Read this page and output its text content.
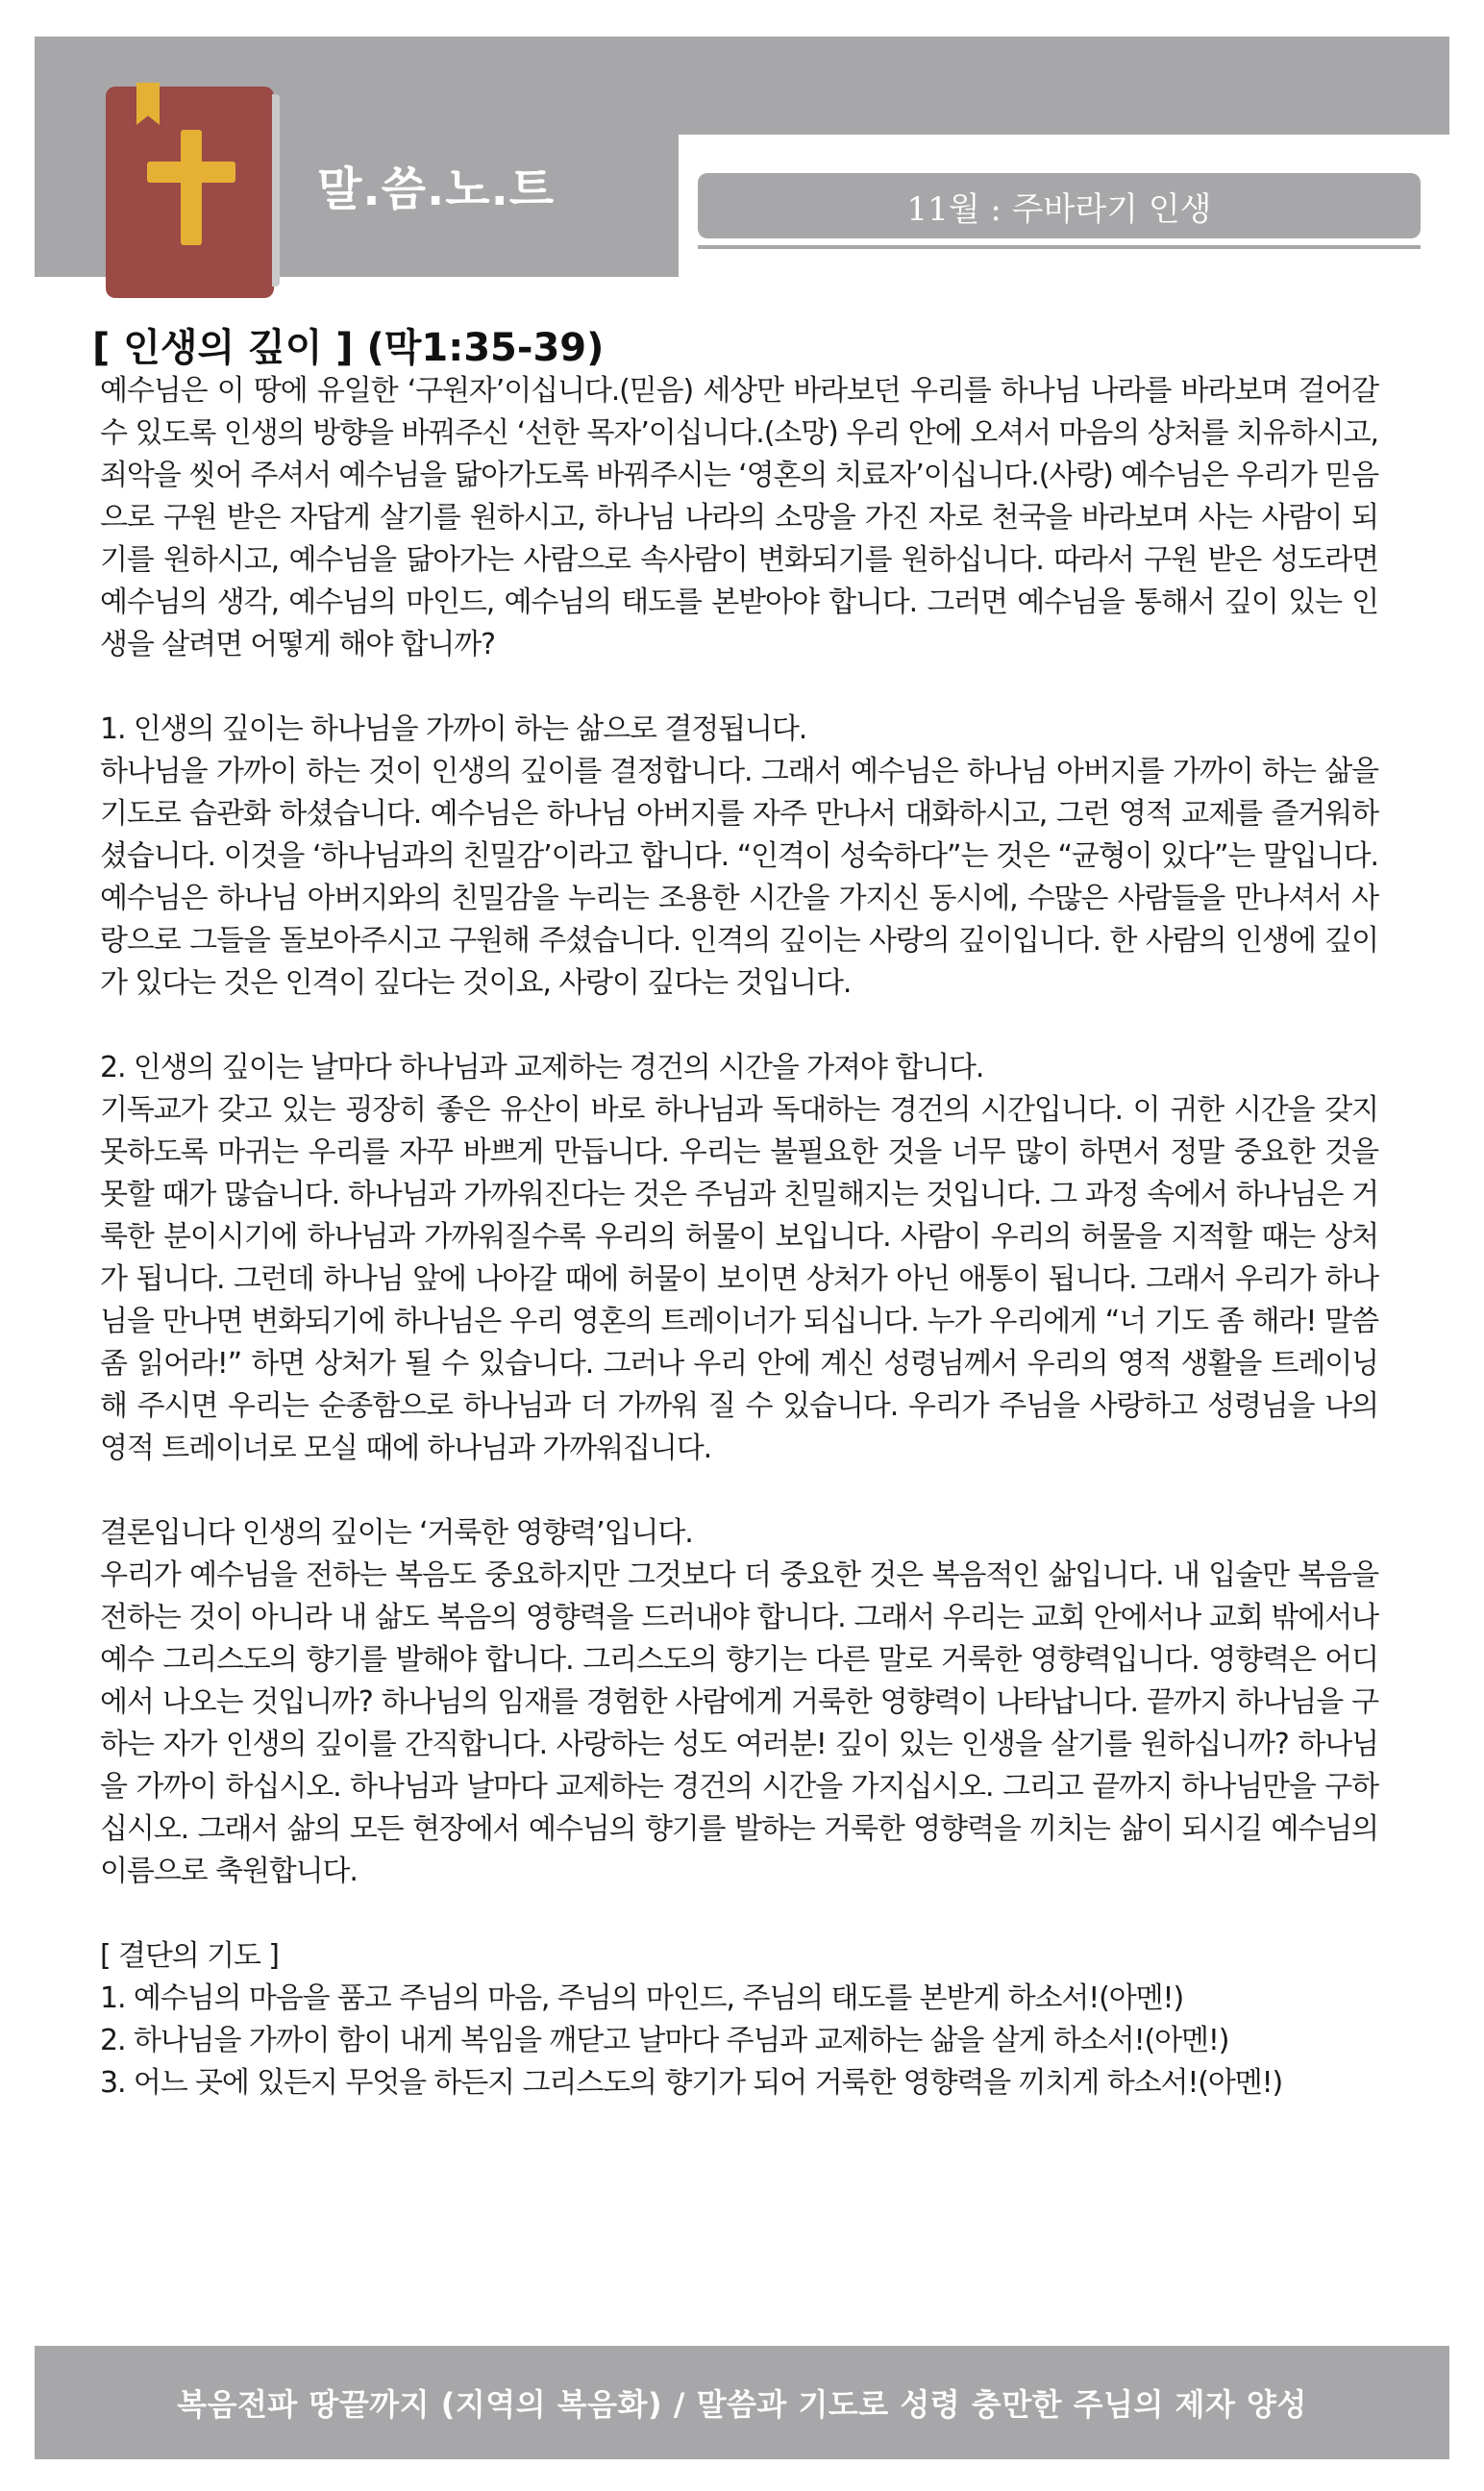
말.씀.노.트	11월 : 주바라기 인생
[ 인생의 깊이 ] (막1:35-39)

예수님은 이 땅에 유일한 ‘구원자’이십니다.(믿음) 세상만 바라보던 우리를 하나님 나라를 바라보며 걸어갈 수 있도록 인생의 방향을 바꿔주신 ‘선한 목자’이십니다.(소망) 우리 안에 오셔서 마음의 상처를 치유하시고, 죄악을 씻어 주셔서 예수님을 닮아가도록 바꿔주시는 ‘영혼의 치료자’이십니다.(사랑) 예수님은 우리가 믿음으로 구원 받은 자답게 살기를 원하시고, 하나님 나라의 소망을 가진 자로 천국을 바라보며 사는 사람이 되기를 원하시고, 예수님을 닮아가는 사람으로 속사람이 변화되기를 원하십니다. 따라서 구원 받은 성도라면 예수님의 생각, 예수님의 마인드, 예수님의 태도를 본받아야 합니다. 그러면 예수님을 통해서 깊이 있는 인생을 살려면 어떻게 해야 합니까?

1. 인생의 깊이는 하나님을 가까이 하는 삶으로 결정됩니다.

하나님을 가까이 하는 것이 인생의 깊이를 결정합니다. 그래서 예수님은 하나님 아버지를 가까이 하는 삶을 기도로 습관화 하셨습니다. 예수님은 하나님 아버지를 자주 만나서 대화하시고, 그런 영적 교제를 즐거워하셨습니다. 이것을 ‘하나님과의 친밀감’이라고 합니다. “인격이 성숙하다”는 것은 “균형이 있다”는 말입니다. 예수님은 하나님 아버지와의 친밀감을 누리는 조용한 시간을 가지신 동시에, 수많은 사람들을 만나셔서 사랑으로 그들을 돌보아주시고 구원해 주셨습니다. 인격의 깊이는 사랑의 깊이입니다. 한 사람의 인생에 깊이가 있다는 것은 인격이 깊다는 것이요, 사랑이 깊다는 것입니다.

2. 인생의 깊이는 날마다 하나님과 교제하는 경건의 시간을 가져야 합니다.

기독교가 갖고 있는 굉장히 좋은 유산이 바로 하나님과 독대하는 경건의 시간입니다. 이 귀한 시간을 갖지 못하도록 마귀는 우리를 자꾸 바쁘게 만듭니다. 우리는 불필요한 것을 너무 많이 하면서 정말 중요한 것을 못할 때가 많습니다. 하나님과 가까워진다는 것은 주님과 친밀해지는 것입니다. 그 과정 속에서 하나님은 거룩한 분이시기에 하나님과 가까워질수록 우리의 허물이 보입니다. 사람이 우리의 허물을 지적할 때는 상처가 됩니다. 그런데 하나님 앞에 나아갈 때에 허물이 보이면 상처가 아닌 애통이 됩니다. 그래서 우리가 하나님을 만나면 변화되기에 하나님은 우리 영혼의 트레이너가 되십니다. 누가 우리에게 “너 기도 좀 해라! 말씀 좀 읽어라!” 하면 상처가 될 수 있습니다. 그러나 우리 안에 계신 성령님께서 우리의 영적 생활을 트레이닝 해 주시면 우리는 순종함으로 하나님과 더 가까워 질 수 있습니다. 우리가 주님을 사랑하고 성령님을 나의 영적 트레이너로 모실 때에 하나님과 가까워집니다.

결론입니다 인생의 깊이는 ‘거룩한 영향력’입니다.

우리가 예수님을 전하는 복음도 중요하지만 그것보다 더 중요한 것은 복음적인 삶입니다. 내 입술만 복음을 전하는 것이 아니라 내 삶도 복음의 영향력을 드러내야 합니다. 그래서 우리는 교회 안에서나 교회 밖에서나 예수 그리스도의 향기를 발해야 합니다. 그리스도의 향기는 다른 말로 거룩한 영향력입니다. 영향력은 어디에서 나오는 것입니까? 하나님의 임재를 경험한 사람에게 거룩한 영향력이 나타납니다. 끝까지 하나님을 구하는 자가 인생의 깊이를 간직합니다. 사랑하는 성도 여러분! 깊이 있는 인생을 살기를 원하십니까? 하나님을 가까이 하십시오. 하나님과 날마다 교제하는 경건의 시간을 가지십시오. 그리고 끝까지 하나님만을 구하십시오. 그래서 삶의 모든 현장에서 예수님의 향기를 발하는 거룩한 영향력을 끼치는 삶이 되시길 예수님의 이름으로 축원합니다.

[ 결단의 기도 ]

1. 예수님의 마음을 품고 주님의 마음, 주님의 마인드, 주님의 태도를 본받게 하소서!(아멘!)

2. 하나님을 가까이 함이 내게 복임을 깨닫고 날마다 주님과 교제하는 삶을 살게 하소서!(아멘!)

3. 어느 곳에 있든지 무엇을 하든지 그리스도의 향기가 되어 거룩한 영향력을 끼치게 하소서!(아멘!)

복음전파 땅끝까지 (지역의 복음화) / 말씀과 기도로 성령 충만한 주님의 제자 양성
